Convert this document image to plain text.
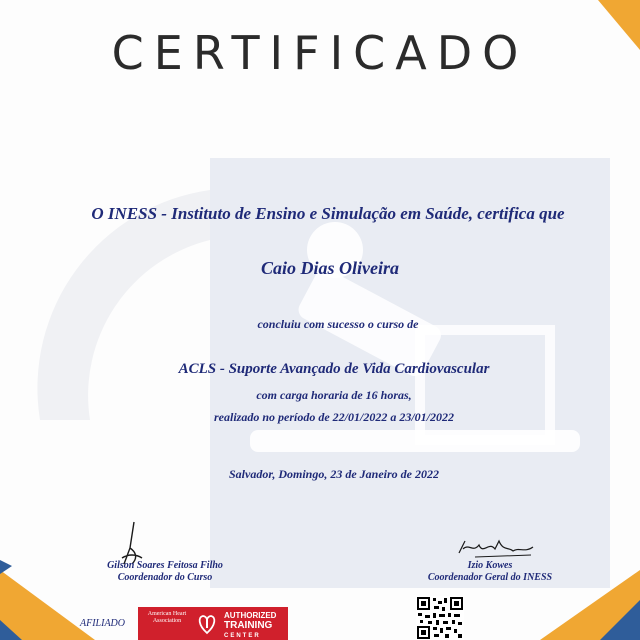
CERTIFICADO
O INESS - Instituto de Ensino e Simulação em Saúde, certifica que
Caio Dias Oliveira
concluiu com sucesso o curso de
ACLS - Suporte Avançado de Vida Cardiovascular
com carga horaria de 16 horas,
realizado no período de 22/01/2022 a 23/01/2022
Salvador, Domingo, 23 de Janeiro de 2022
Gilson Soares Feitosa Filho
Coordenador do Curso
Izio Kowes
Coordenador Geral do INESS
AFILIADO
American Heart Association
AUTHORIZED
TRAINING
CENTER
